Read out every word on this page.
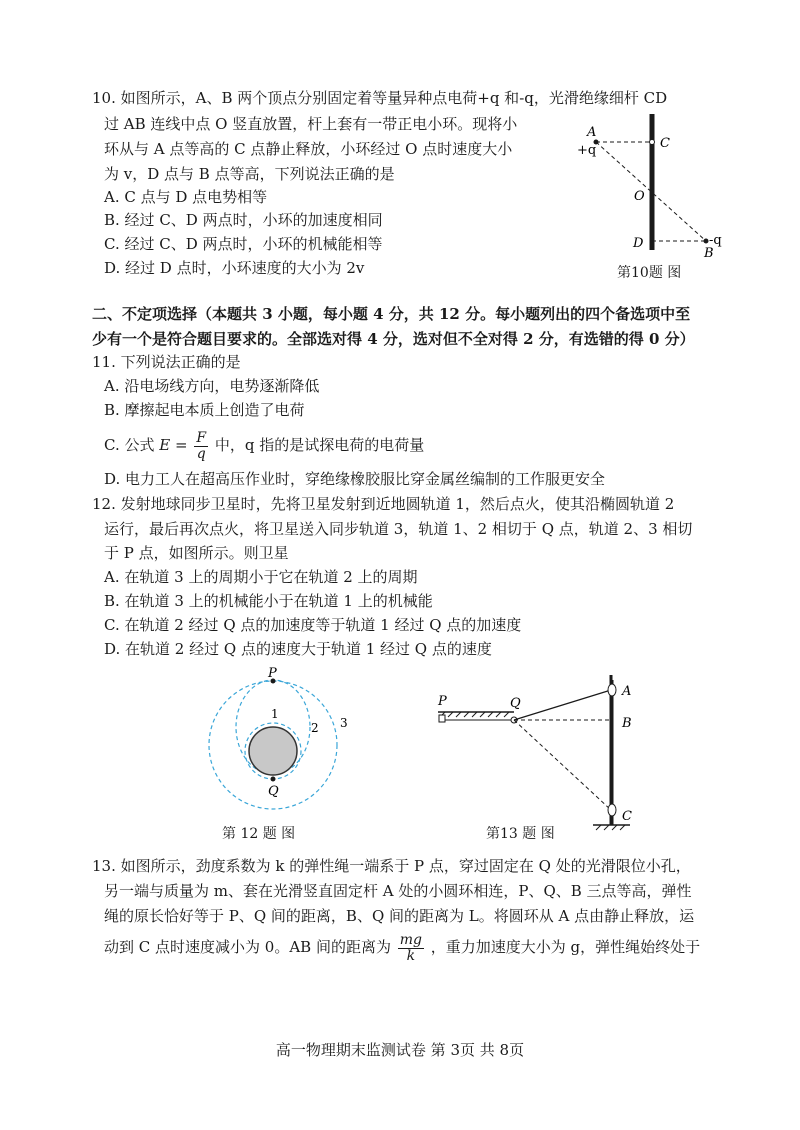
10. 如图所示，A、B 两个顶点分别固定着等量异种点电荷+q 和-q，光滑绝缘细杆 CD
过 AB 连线中点 O 竖直放置，杆上套有一带正电小环。现将小
环从与 A 点等高的 C 点静止释放，小环经过 O 点时速度大小
为 v，D 点与 B 点等高，下列说法正确的是
A. C 点与 D 点电势相等
B. 经过 C、D 两点时，小环的加速度相同
C. 经过 C、D 两点时，小环的机械能相等
D. 经过 D 点时，小环速度的大小为 2v
A
+q	C
O
D	-q
B
第10题 图
二、不定项选择（本题共 3 小题，每小题 4 分，共 12 分。每小题列出的四个备选项中至
少有一个是符合题目要求的。全部选对得 4 分，选对但不全对得 2 分，有选错的得 0 分）
11. 下列说法正确的是
A. 沿电场线方向，电势逐渐降低
B. 摩擦起电本质上创造了电荷
C. 公式 $E = \frac{F}{q}$ 中，q 指的是试探电荷的电荷量
D. 电力工人在超高压作业时，穿绝缘橡胶服比穿金属丝编制的工作服更安全
12. 发射地球同步卫星时，先将卫星发射到近地圆轨道 1，然后点火，使其沿椭圆轨道 2
运行，最后再次点火，将卫星送入同步轨道 3，轨道 1、2 相切于 Q 点，轨道 2、3 相切
于 P 点，如图所示。则卫星
A. 在轨道 3 上的周期小于它在轨道 2 上的周期
B. 在轨道 3 上的机械能小于在轨道 1 上的机械能
C. 在轨道 2 经过 Q 点的加速度等于轨道 1 经过 Q 点的加速度
D. 在轨道 2 经过 Q 点的速度大于轨道 1 经过 Q 点的速度
P
1
2 3
Q
第 12 题 图
P	Q
A
B
C
第13 题 图
13. 如图所示，劲度系数为 k 的弹性绳一端系于 P 点，穿过固定在 Q 处的光滑限位小孔，
另一端与质量为 m、套在光滑竖直固定杆 A 处的小圆环相连，P、Q、B 三点等高，弹性
绳的原长恰好等于 P、Q 间的距离，B、Q 间的距离为 L。将圆环从 A 点由静止释放，运
动到 C 点时速度减小为 0。AB 间的距离为 $\frac{mg}{k}$ ，重力加速度大小为 g，弹性绳始终处于
高一物理期末监测试卷 第 3页 共 8页
